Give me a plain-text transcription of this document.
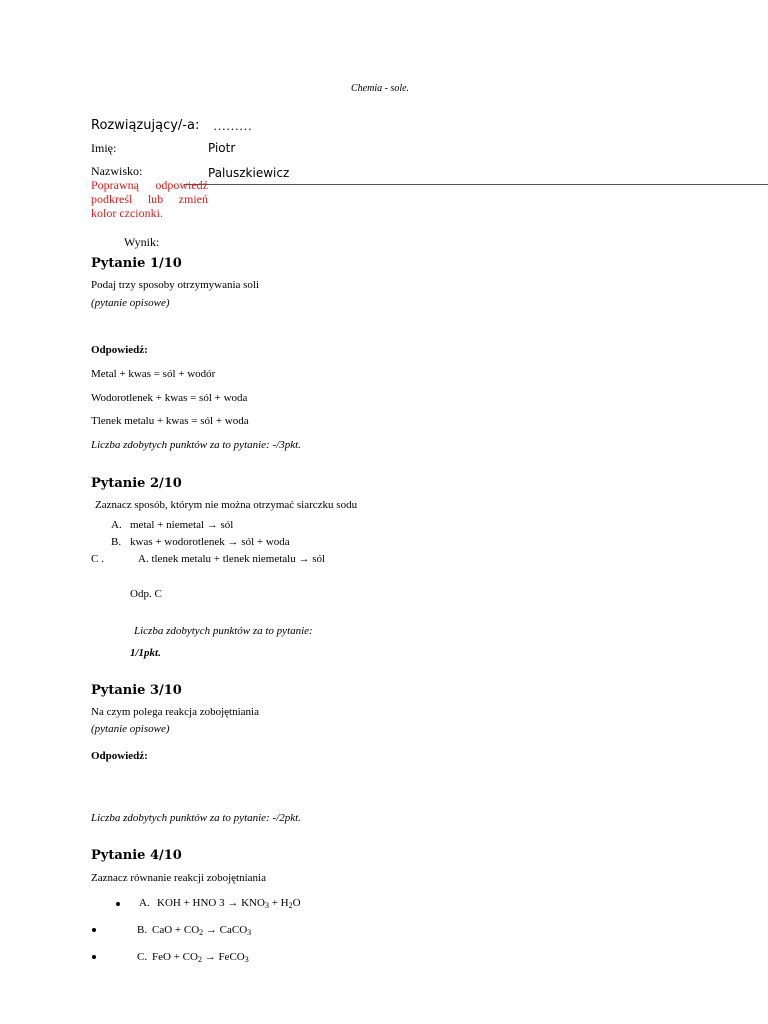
Chemia - sole.
Rozwiązujący/-a: ………
Imię:	Piotr
Nazwisko:	Paluszkiewicz
Poprawną odpowiedź podkreśl lub zmień kolor czcionki.
Wynik:
Pytanie 1/10
Podaj trzy sposoby otrzymywania soli
(pytanie opisowe)
Odpowiedź:
Metal + kwas = sól + wodór
Wodorotlenek + kwas = sól + woda
Tlenek metalu + kwas = sól + woda
Liczba zdobytych punktów za to pytanie: -/3pkt.
Pytanie 2/10
Zaznacz sposób, którym nie można otrzymać siarczku sodu
A. metal + niemetal → sól
B. kwas + wodorotlenek → sól + woda
C .	A. tlenek metalu + tlenek niemetalu → sól
Odp. C
Liczba zdobytych punktów za to pytanie:
1/1pkt.
Pytanie 3/10
Na czym polega reakcja zobojętniania
(pytanie opisowe)
Odpowiedź:
Liczba zdobytych punktów za to pytanie: -/2pkt.
Pytanie 4/10
Zaznacz równanie reakcji zobojętniania
A. KOH + HNO $3 \to KNO_3 + H_2O$
B. CaO + $CO_2$ → CaCO$_3$
C. FeO + $CO_2$ → FeCO$_3$
